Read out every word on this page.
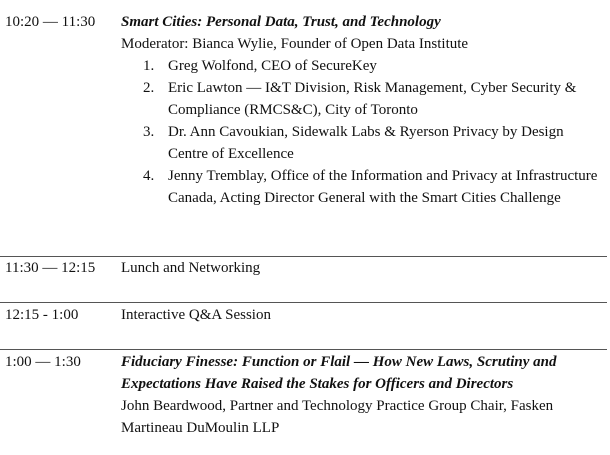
10:20 — 11:30 Smart Cities: Personal Data, Trust, and Technology
Moderator: Bianca Wylie, Founder of Open Data Institute
1. Greg Wolfond, CEO of SecureKey
2. Eric Lawton — I&T Division, Risk Management, Cyber Security & Compliance (RMCS&C), City of Toronto
3. Dr. Ann Cavoukian, Sidewalk Labs & Ryerson Privacy by Design Centre of Excellence
4. Jenny Tremblay, Office of the Information and Privacy at Infrastructure Canada, Acting Director General with the Smart Cities Challenge
11:30 — 12:15 Lunch and Networking
12:15 - 1:00	Interactive Q&A Session
1:00 — 1:30	Fiduciary Finesse: Function or Flail — How New Laws, Scrutiny and Expectations Have Raised the Stakes for Officers and Directors
John Beardwood, Partner and Technology Practice Group Chair, Fasken Martineau DuMoulin LLP
